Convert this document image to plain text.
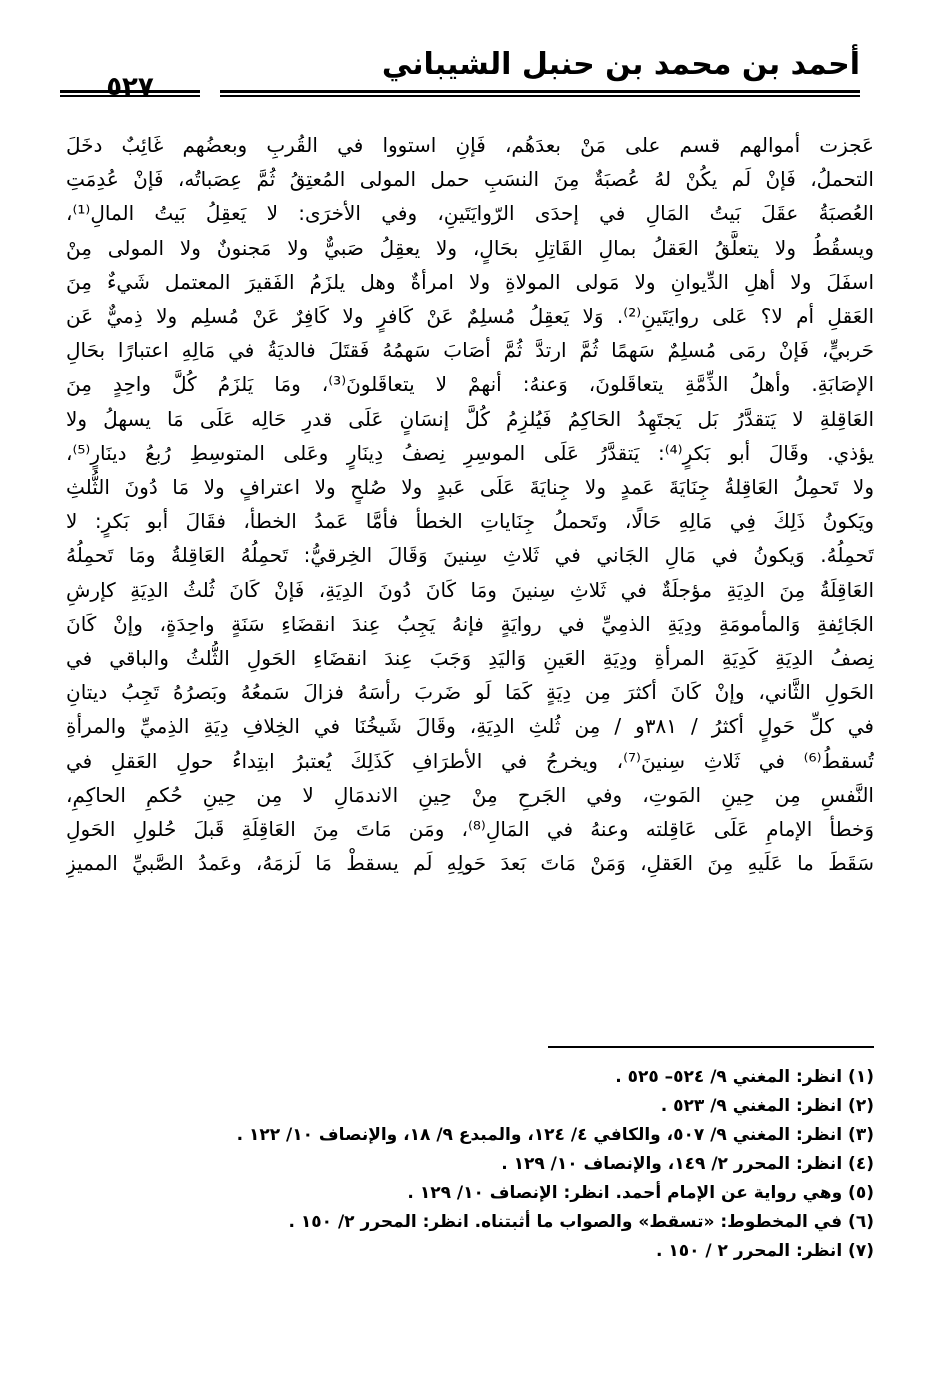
أحمد بن محمد بن حنبل الشيباني
٥٢٧
عَجزت أموالهم قسم على مَنْ بعدَهُم، فَإنِ استووا في القُربِ وبعضُهم غَائِبٌ دخَلَ
التحملُ، فَإنْ لَم يكُنْ لهُ عُصبَةٌ مِنَ النسَبِ حمل المولى المُعتِقُ ثُمَّ عِصَباتُه، فَإنْ عُدِمَتِ
العُصبَةُ عقَلَ بَيتُ المَالِ في إحدَى الرّوايَتَينِ، وفي الأخرَى: لا يَعقِلُ بَيتُ المالِ⁽¹⁾،
ويسقُطُ ولا يتعلَّقُ العَقلُ بمالِ القَاتِلِ بحَالٍ، ولا يعقِلُ صَبيٌّ ولا مَجنونٌ ولا المولى مِنْ
اسفَلَ ولا أهلِ الدِّيوانِ ولا مَولى المولاةِ ولا امرأةٌ وهل يلزَمُ الفَقيرَ المعتمل شَيءٌ مِنَ
العَقلِ أم لا؟ عَلى روايَتَينِ⁽²⁾. وَلا يَعقِلُ مُسلِمٌ عَنْ كَافرٍ ولا كَافِرٌ عَنْ مُسلِم ولا ذِميٌّ عَن
حَربيٍّ، فَإنْ رمَى مُسلِمٌ سَهمًا ثُمَّ ارتدَّ ثُمَّ أصَابَ سَهمُهُ فَقتَلَ فالديَةُ في مَالِهِ اعتبارًا بحَالِ
الإصَابَةِ. وأهلُ الذِّمَّةِ يتعاقَلونَ، وَعنهُ: أنهمْ لا يتعاقَلونَ⁽³⁾، ومَا يَلزَمُ كُلَّ واحِدٍ مِنَ
العَاقِلةِ لا يَتقدَّرُ بَل يَجتَهِدُ الحَاكِمُ فَيُلزِمُ كُلَّ إنسَانٍ عَلَى قدرِ حَالِه عَلَى مَا يسهلُ ولا
يؤذي. وقَالَ أبو بَكرٍ⁽⁴⁾: يَتقدَّرُ عَلَى الموسِرِ نِصفُ دِينَارٍ وعَلى المتوسِطِ رُبعُ دينَارٍ⁽⁵⁾،
ولا تَحمِلُ العَاقِلةُ جِنَايَةَ عَمدٍ ولا جِنايَةَ عَلَى عَبدٍ ولا صُلحٍ ولا اعترافٍ ولا مَا دُونَ الثُّلثِ
ويَكونُ ذَلِكَ فِي مَالِهِ حَالًا، وتَحملُ جِنَاياتِ الخطأ فأمَّا عَمدُ الخطأ، فقَالَ أبو بَكرٍ: لا
تَحمِلُهُ. وَيكونُ في مَالِ الجَاني في ثَلاثِ سِنينَ وَقَالَ الخِرقيُّ: تَحمِلُهُ العَاقِلةُ ومَا تَحمِلُهُ
العَاقِلَةُ مِنَ الدِيَةِ مؤجلَةٌ في ثَلاثِ سِنينَ ومَا كَانَ دُونَ الدِيَةِ، فَإنْ كَانَ ثُلثُ الدِيَةِ كإرشِ
الجَائِفةِ وَالمأمومَةِ ودِيَةِ الذمِيِّ في روايَةٍ فإنهُ يَجِبُ عِندَ انقضَاءِ سَنَةٍ واحِدَةٍ، وإنْ كَانَ
نِصفُ الدِيَةِ كَدِيَةِ المرأةِ ودِيَةِ العَينِ وَاليَدِ وَجَبَ عِندَ انقضَاءِ الحَولِ الثُّلثُ والباقي في
الحَولِ الثَّاني، وإنْ كَانَ أكثرَ مِن دِيَةٍ كَمَا لَو ضَربَ رأسَهُ فزالَ سَمعُهُ وبَصرُهُ تَجِبُ ديتانِ
في كلِّ حَولٍ أكثرُ / ٣٨١و / مِن ثُلثِ الدِيَةِ، وقَالَ شَيخُنَا في الخِلافِ دِيَةِ الذِميِّ والمرأةِ
تُسقطُ⁽⁶⁾ في ثَلاثِ سِنينَ⁽⁷⁾، ويخرجُ في الأطرَافِ كَذَلِكَ يُعتبرُ ابتِداءُ حولِ العَقلِ في
النَّفسِ مِن حِينِ المَوتِ، وفي الجَرحِ مِنْ حِينِ الاندمَالِ لا مِن حِينِ حُكمِ الحاكِمِ،
وَخطأ الإمامِ عَلَى عَاقِلته وعنهُ في المَالِ⁽⁸⁾، ومَن مَاتَ مِنَ العَاقِلَةِ قَبلَ حُلولِ الحَولِ
سَقَطَ ما عَلَيهِ مِنَ العَقلِ، وَمَنْ مَاتَ بَعدَ حَولِهِ لَم يسقطْ مَا لَزمَهُ، وعَمدُ الصَّبيِّ المميزِ
(١) انظر: المغني ٩/ ٥٢٤– ٥٢٥ .
(٢) انظر: المغني ٩/ ٥٢٣ .
(٣) انظر: المغني ٩/ ٥٠٧، والكافي ٤/ ١٢٤، والمبدع ٩/ ١٨، والإنصاف ١٠/ ١٢٢ .
(٤) انظر: المحرر ٢/ ١٤٩، والإنصاف ١٠/ ١٢٩ .
(٥) وهي رواية عن الإمام أحمد. انظر: الإنصاف ١٠/ ١٢٩ .
(٦) في المخطوط: «تسقط» والصواب ما أثبتناه. انظر: المحرر ٢/ ١٥٠ .
(٧) انظر: المحرر ٢ / ١٥٠ .
